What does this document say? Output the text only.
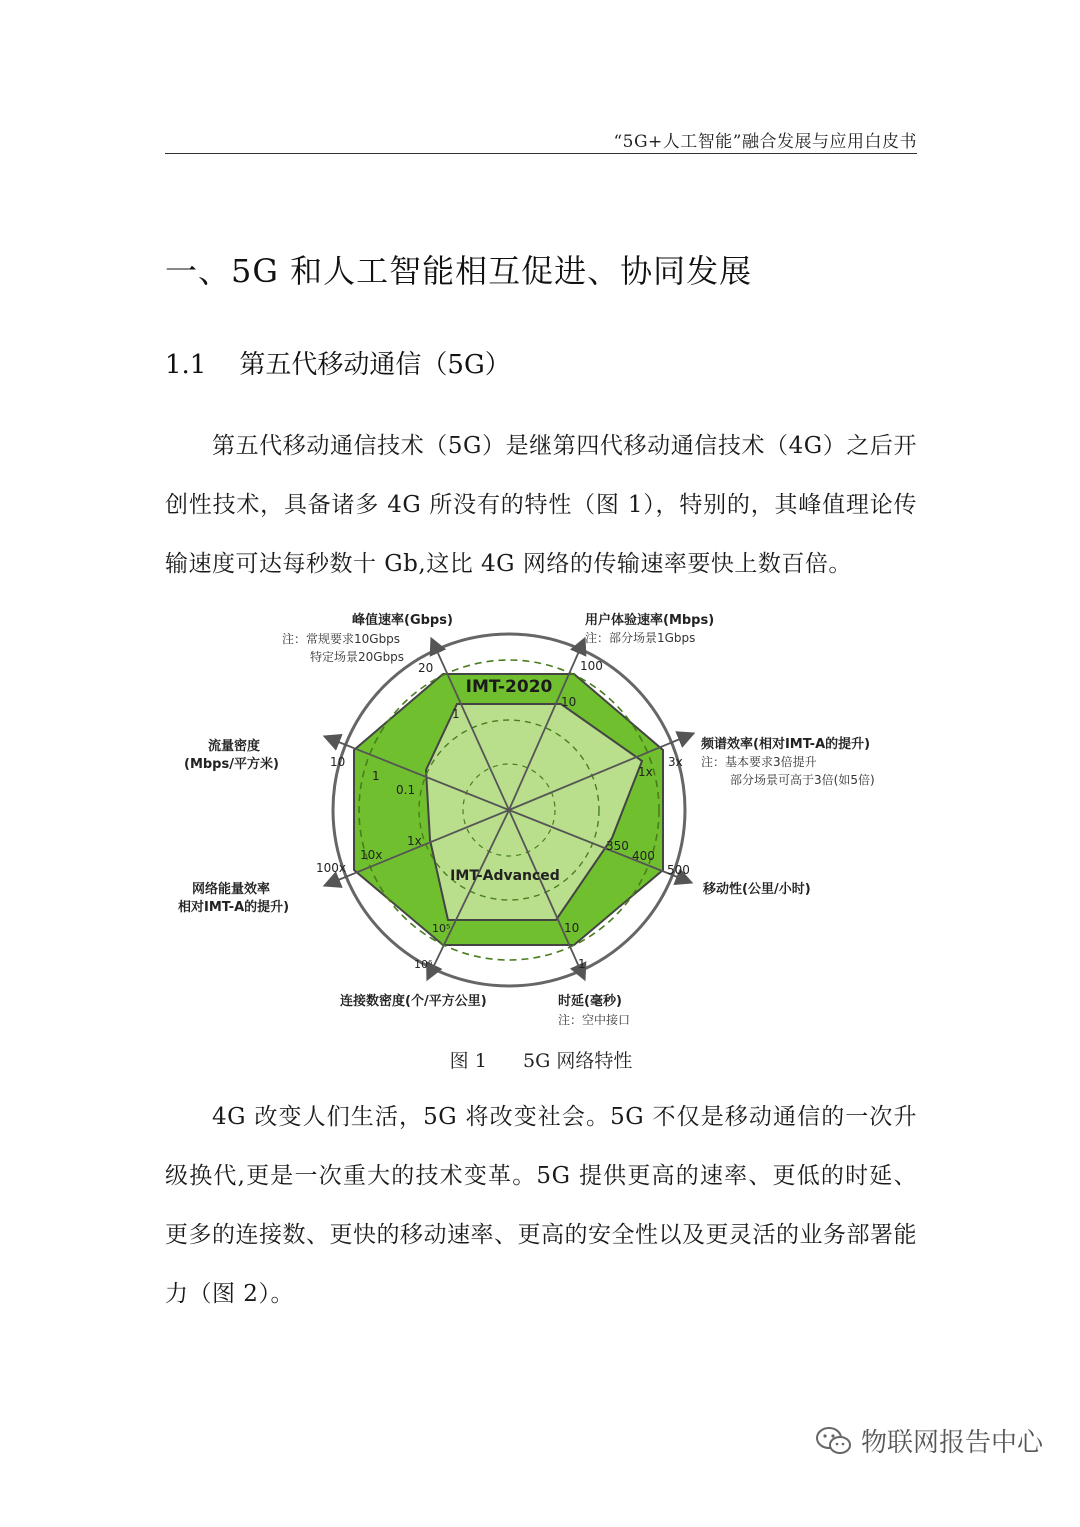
“5G+人工智能”融合发展与应用白皮书
一、5G 和人工智能相互促进、协同发展
1.1    第五代移动通信（5G）
第五代移动通信技术（5G）是继第四代移动通信技术（4G）之后开创性技术，具备诸多 4G 所没有的特性（图 1），特别的，其峰值理论传输速度可达每秒数十 Gb,这比 4G 网络的传输速率要快上数百倍。
IMT-2020
IMT-Advanced
峰值速率(Gbps)
注：常规要求10Gbps
特定场景20Gbps
20
1
用户体验速率(Mbps)
注：部分场景1Gbps
100
10
频谱效率(相对IMT-A的提升)
注：基本要求3倍提升
部分场景可高于3倍(如5倍)
3x
1x
移动性(公里/小时)
500
400
350
时延(毫秒)
注：空中接口
1
10
连接数密度(个/平方公里)
10⁶
10⁵
网络能量效率
相对IMT-A的提升)
100x
10x
1x
流量密度
(Mbps/平方米)	10
1
0.1
图 1      5G 网络特性
4G 改变人们生活，5G 将改变社会。5G 不仅是移动通信的一次升级换代,更是一次重大的技术变革。5G 提供更高的速率、更低的时延、更多的连接数、更快的移动速率、更高的安全性以及更灵活的业务部署能力（图 2）。
物联网报告中心
